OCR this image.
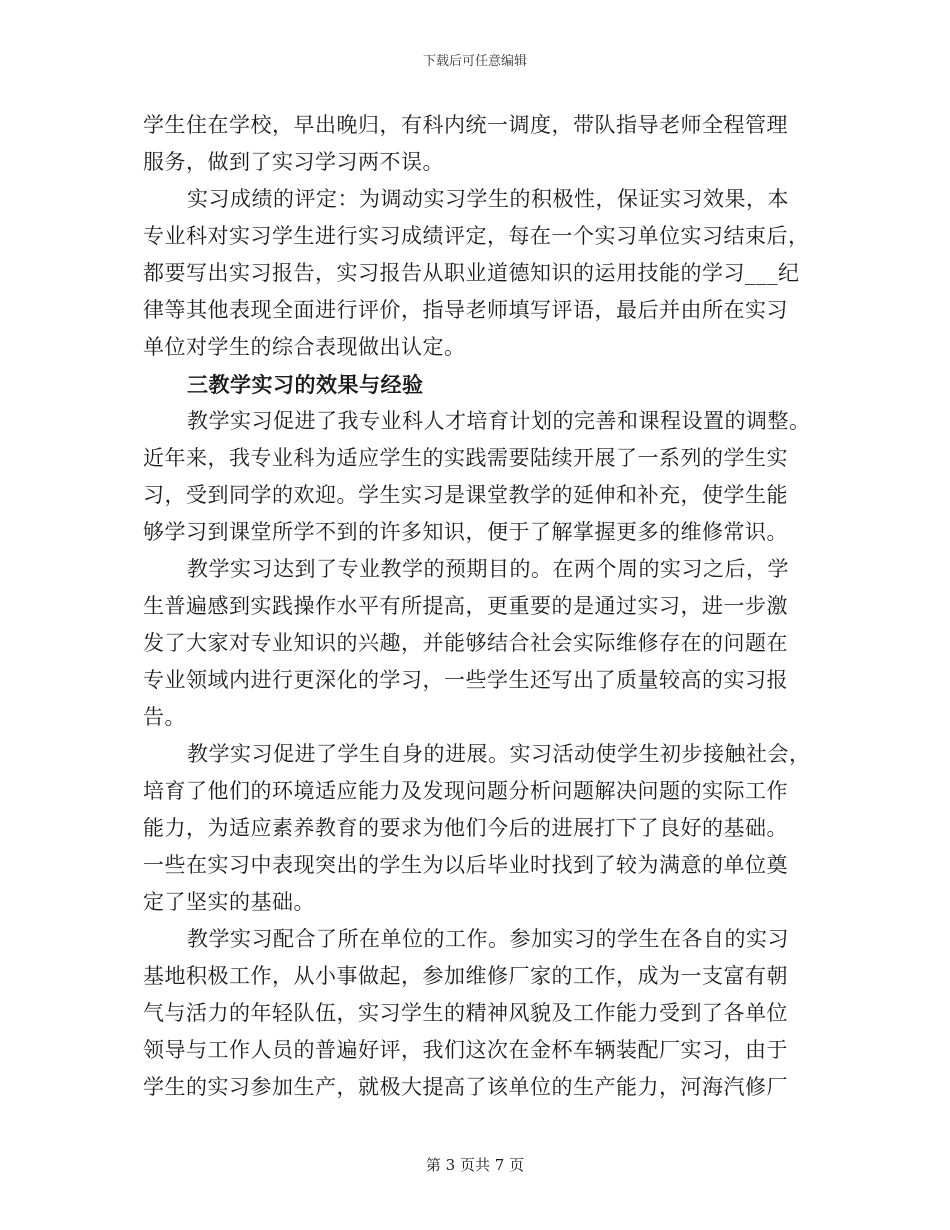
下载后可任意编辑
学生住在学校，早出晚归，有科内统一调度，带队指导老师全程管理
服务，做到了实习学习两不误。
实习成绩的评定：为调动实习学生的积极性，保证实习效果，本
专业科对实习学生进行实习成绩评定，每在一个实习单位实习结束后，
都要写出实习报告，实习报告从职业道德知识的运用技能的学习___纪
律等其他表现全面进行评价，指导老师填写评语，最后并由所在实习
单位对学生的综合表现做出认定。
三教学实习的效果与经验
教学实习促进了我专业科人才培育计划的完善和课程设置的调整。
近年来，我专业科为适应学生的实践需要陆续开展了一系列的学生实
习，受到同学的欢迎。学生实习是课堂教学的延伸和补充，使学生能
够学习到课堂所学不到的许多知识，便于了解掌握更多的维修常识。
教学实习达到了专业教学的预期目的。在两个周的实习之后，学
生普遍感到实践操作水平有所提高，更重要的是通过实习，进一步激
发了大家对专业知识的兴趣，并能够结合社会实际维修存在的问题在
专业领域内进行更深化的学习，一些学生还写出了质量较高的实习报
告。
教学实习促进了学生自身的进展。实习活动使学生初步接触社会，
培育了他们的环境适应能力及发现问题分析问题解决问题的实际工作
能力，为适应素养教育的要求为他们今后的进展打下了良好的基础。
一些在实习中表现突出的学生为以后毕业时找到了较为满意的单位奠
定了坚实的基础。
教学实习配合了所在单位的工作。参加实习的学生在各自的实习
基地积极工作，从小事做起，参加维修厂家的工作，成为一支富有朝
气与活力的年轻队伍，实习学生的精神风貌及工作能力受到了各单位
领导与工作人员的普遍好评，我们这次在金杯车辆装配厂实习，由于
学生的实习参加生产，就极大提高了该单位的生产能力，河海汽修厂
第 3 页共 7 页
